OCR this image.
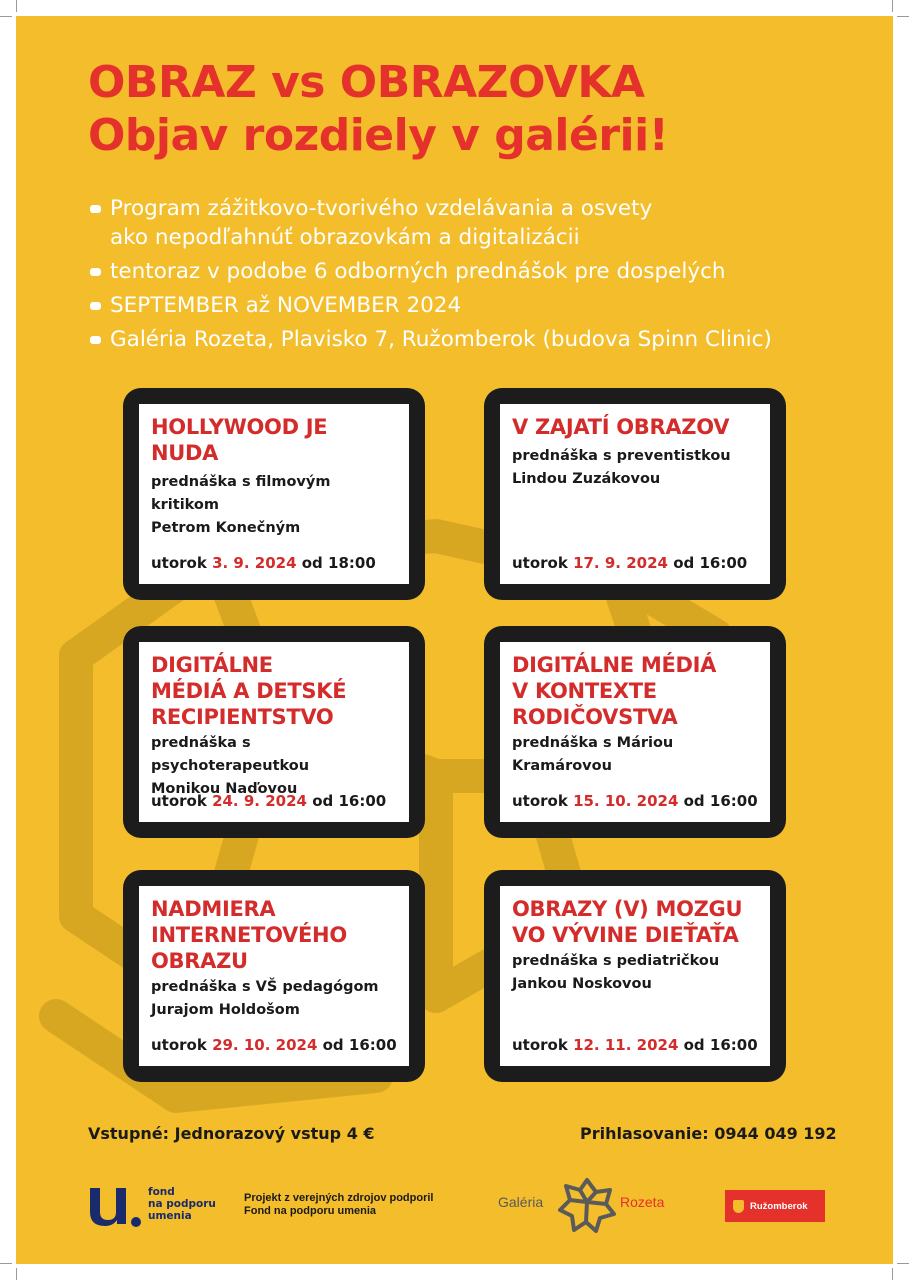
OBRAZ vs OBRAZOVKA
Objav rozdiely v galérii!
Program zážitkovo-tvorivého vzdelávania a osvety
ako nepodľahnúť obrazovkám a digitalizácii
tentoraz v podobe 6 odborných prednášok pre dospelých
SEPTEMBER až NOVEMBER 2024
Galéria Rozeta, Plavisko 7, Ružomberok (budova Spinn Clinic)
HOLLYWOOD JE NUDA
prednáška s filmovým kritikom
Petrom Konečným
utorok 3. 9. 2024 od 18:00
V ZAJATÍ OBRAZOV
prednáška s preventistkou
Lindou Zuzákovou
utorok 17. 9. 2024 od 16:00
DIGITÁLNE MÉDIÁ A DETSKÉ RECIPIENTSTVO
prednáška s psychoterapeutkou
Monikou Naďovou
utorok 24. 9. 2024 od 16:00
DIGITÁLNE MÉDIÁ V KONTEXTE RODIČOVSTVA
prednáška s Máriou Kramárovou
utorok 15. 10. 2024 od 16:00
NADMIERA INTERNETOVÉHO OBRAZU
prednáška s VŠ pedagógom
Jurajom Holdošom
utorok 29. 10. 2024 od 16:00
OBRAZY (V) MOZGU VO VÝVINE DIEŤAŤA
prednáška s pediatričkou
Jankou Noskovou
utorok 12. 11. 2024 od 16:00
Vstupné: Jednorazový vstup 4 €	Prihlasovanie: 0944 049 192
fond
na podporu
umenia
Projekt z verejných zdrojov podporil
Fond na podporu umenia
Galéria	Rozeta	Ružomberok
